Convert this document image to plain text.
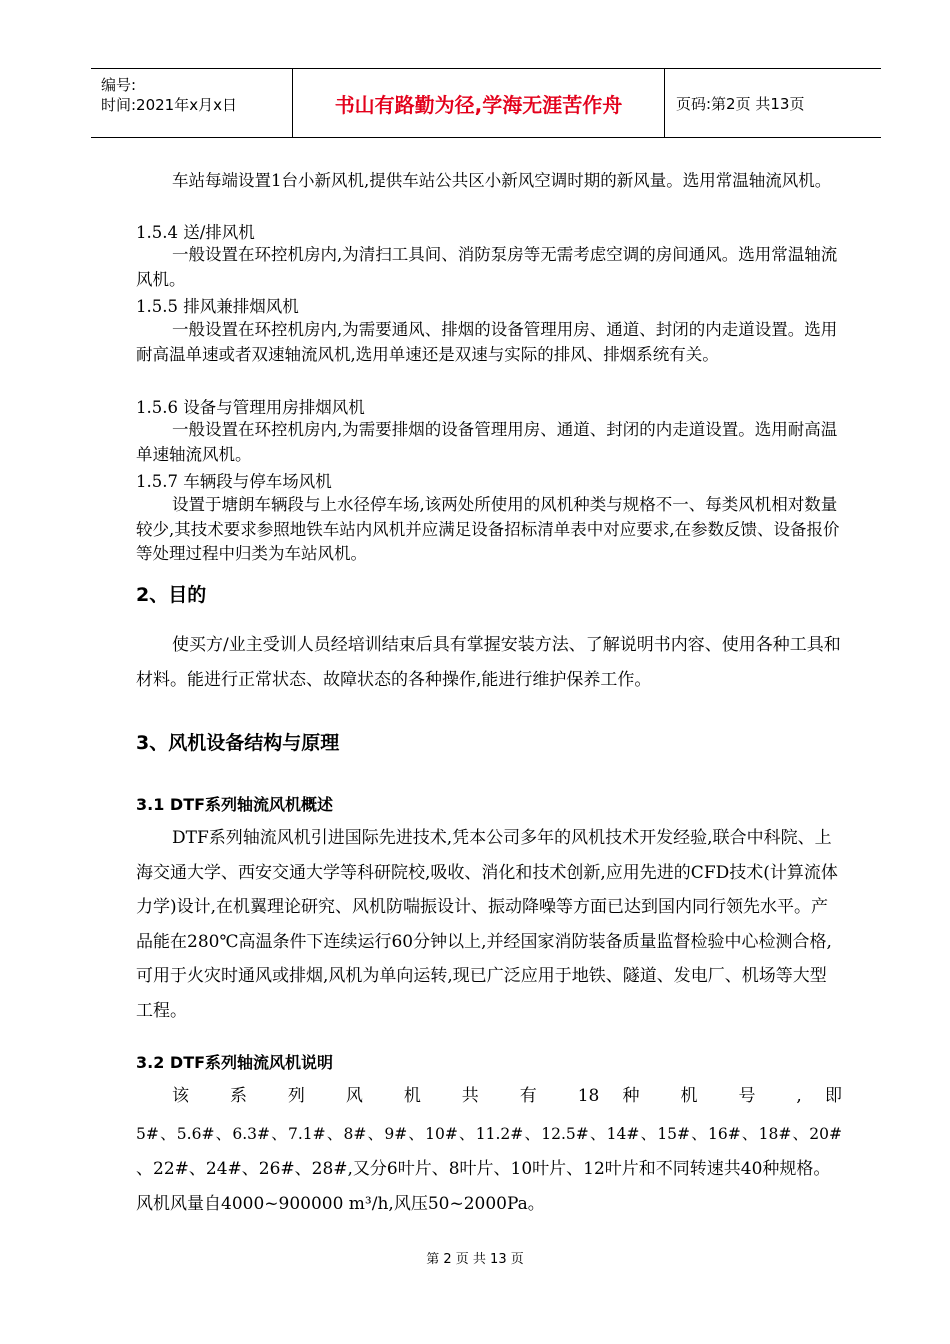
编号:
时间:2021年x月x日	书山有路勤为径,学海无涯苦作舟	页码:第2页 共13页

车站每端设置1台小新风机,提供车站公共区小新风空调时期的新风量。选用常温轴流风机。

1.5.4 送/排风机

一般设置在环控机房内,为清扫工具间、消防泵房等无需考虑空调的房间通风。选用常温轴流风机。

1.5.5 排风兼排烟风机

一般设置在环控机房内,为需要通风、排烟的设备管理用房、通道、封闭的内走道设置。选用耐高温单速或者双速轴流风机,选用单速还是双速与实际的排风、排烟系统有关。

1.5.6 设备与管理用房排烟风机

一般设置在环控机房内,为需要排烟的设备管理用房、通道、封闭的内走道设置。选用耐高温单速轴流风机。

1.5.7 车辆段与停车场风机

设置于塘朗车辆段与上水径停车场,该两处所使用的风机种类与规格不一、每类风机相对数量较少,其技术要求参照地铁车站内风机并应满足设备招标清单表中对应要求,在参数反馈、设备报价等处理过程中归类为车站风机。

2、目的

使买方/业主受训人员经培训结束后具有掌握安装方法、了解说明书内容、使用各种工具和材料。能进行正常状态、故障状态的各种操作,能进行维护保养工作。

3、风机设备结构与原理

3.1 DTF系列轴流风机概述

DTF系列轴流风机引进国际先进技术,凭本公司多年的风机技术开发经验,联合中科院、上海交通大学、西安交通大学等科研院校,吸收、消化和技术创新,应用先进的CFD技术(计算流体力学)设计,在机翼理论研究、风机防喘振设计、振动降噪等方面已达到国内同行领先水平。产品能在280℃高温条件下连续运行60分钟以上,并经国家消防装备质量监督检验中心检测合格,可用于火灾时通风或排烟,风机为单向运转,现已广泛应用于地铁、隧道、发电厂、机场等大型工程。

3.2 DTF系列轴流风机说明

该 系 列 风 机 共 有 18 种 机 号 , 即

5#、5.6#、6.3#、7.1#、8#、9#、10#、11.2#、12.5#、14#、15#、16#、18#、20#

、22#、24#、26#、28#,又分6叶片、8叶片、10叶片、12叶片和不同转速共40种规格。风机风量自4000~900000 m³/h,风压50~2000Pa。

第 2 页 共 13 页
